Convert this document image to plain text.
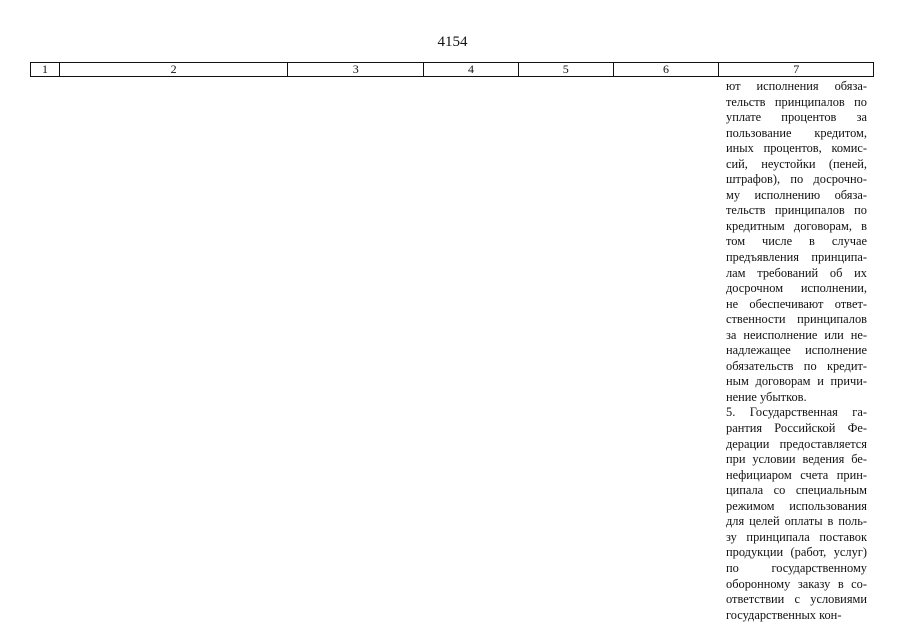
4154
1	2	3	4	5	6	7
ют исполнения обяза-
тельств принципалов по
уплате процентов за
пользование кредитом,
иных процентов, комис-
сий, неустойки (пеней,
штрафов), по досрочно-
му исполнению обяза-
тельств принципалов по
кредитным договорам, в
том числе в случае
предъявления принципа-
лам требований об их
досрочном исполнении,
не обеспечивают ответ-
ственности принципалов
за неисполнение или не-
надлежащее исполнение
обязательств по кредит-
ным договорам и причи-
нение убытков.
5. Государственная га-
рантия Российской Фе-
дерации предоставляется
при условии ведения бе-
нефициаром счета прин-
ципала со специальным
режимом использования
для целей оплаты в поль-
зу принципала поставок
продукции (работ, услуг)
по государственному
оборонному заказу в со-
ответствии с условиями
государственных кон-
